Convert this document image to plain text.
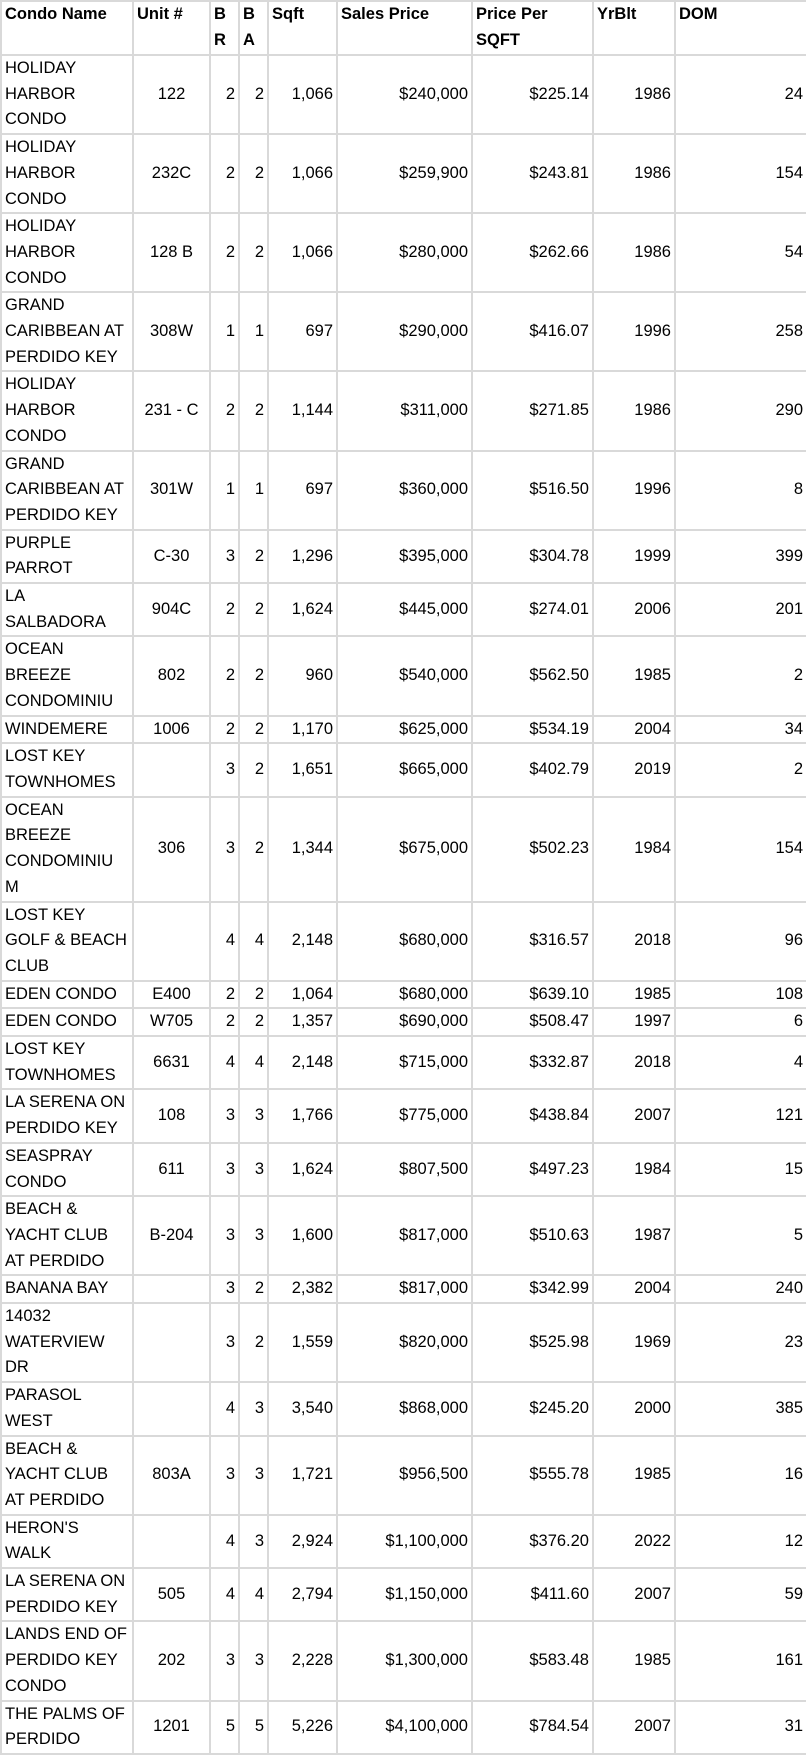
Condo Name	Unit #	BR	BA	Sqft	Sales Price	Price Per SQFT	YrBlt	DOM
HOLIDAY HARBOR CONDO	122	2	2	1,066	$240,000	$225.14	1986	24
HOLIDAY HARBOR CONDO	232C	2	2	1,066	$259,900	$243.81	1986	154
HOLIDAY HARBOR CONDO	128 B	2	2	1,066	$280,000	$262.66	1986	54
GRAND CARIBBEAN AT PERDIDO KEY	308W	1	1	697	$290,000	$416.07	1996	258
HOLIDAY HARBOR CONDO	231 - C	2	2	1,144	$311,000	$271.85	1986	290
GRAND CARIBBEAN AT PERDIDO KEY	301W	1	1	697	$360,000	$516.50	1996	8
PURPLE PARROT	C-30	3	2	1,296	$395,000	$304.78	1999	399
LA SALBADORA	904C	2	2	1,624	$445,000	$274.01	2006	201
OCEAN BREEZE CONDOMINIU	802	2	2	960	$540,000	$562.50	1985	2
WINDEMERE	1006	2	2	1,170	$625,000	$534.19	2004	34
LOST KEY TOWNHOMES		3	2	1,651	$665,000	$402.79	2019	2
OCEAN BREEZE CONDOMINIU M	306	3	2	1,344	$675,000	$502.23	1984	154
LOST KEY GOLF & BEACH CLUB		4	4	2,148	$680,000	$316.57	2018	96
EDEN CONDO	E400	2	2	1,064	$680,000	$639.10	1985	108
EDEN CONDO	W705	2	2	1,357	$690,000	$508.47	1997	6
LOST KEY TOWNHOMES	6631	4	4	2,148	$715,000	$332.87	2018	4
LA SERENA ON PERDIDO KEY	108	3	3	1,766	$775,000	$438.84	2007	121
SEASPRAY CONDO	611	3	3	1,624	$807,500	$497.23	1984	15
BEACH & YACHT CLUB AT PERDIDO	B-204	3	3	1,600	$817,000	$510.63	1987	5
BANANA BAY		3	2	2,382	$817,000	$342.99	2004	240
14032 WATERVIEW DR		3	2	1,559	$820,000	$525.98	1969	23
PARASOL WEST		4	3	3,540	$868,000	$245.20	2000	385
BEACH & YACHT CLUB AT PERDIDO	803A	3	3	1,721	$956,500	$555.78	1985	16
HERON'S WALK		4	3	2,924	$1,100,000	$376.20	2022	12
LA SERENA ON PERDIDO KEY	505	4	4	2,794	$1,150,000	$411.60	2007	59
LANDS END OF PERDIDO KEY CONDO	202	3	3	2,228	$1,300,000	$583.48	1985	161
THE PALMS OF PERDIDO	1201	5	5	5,226	$4,100,000	$784.54	2007	31
